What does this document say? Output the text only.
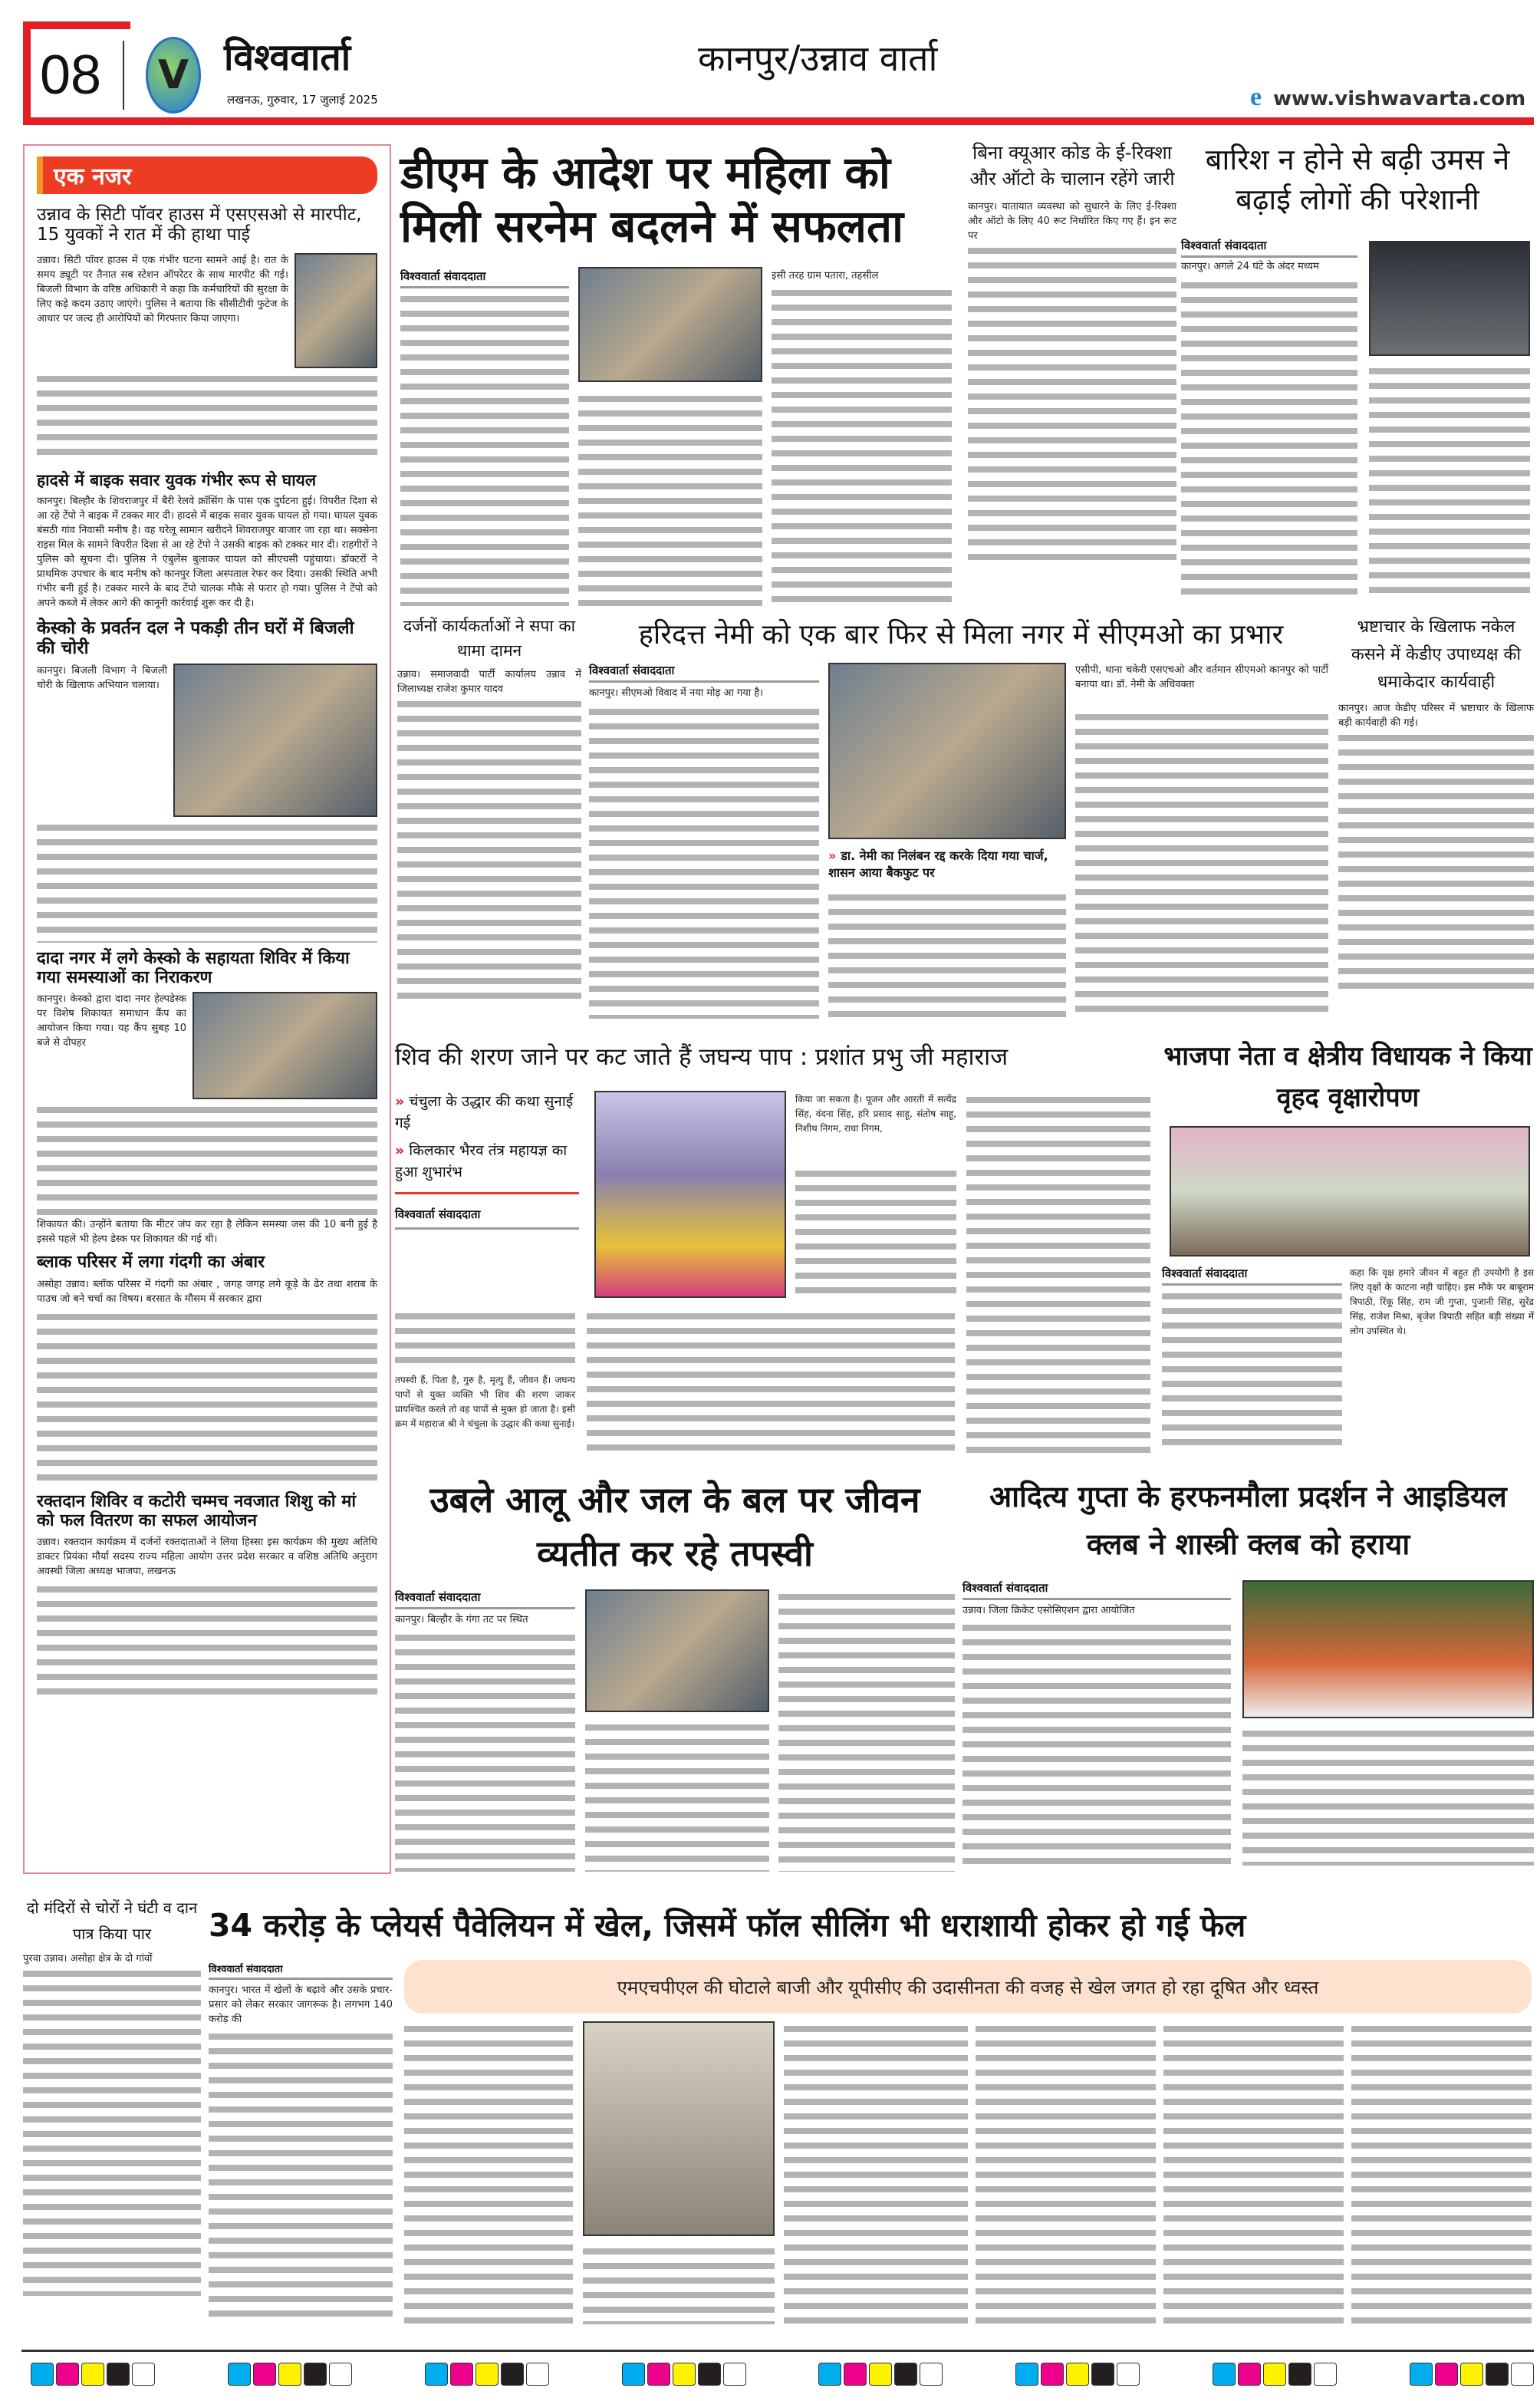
08	V विश्ववार्ता
लखनऊ, गुरुवार, 17 जुलाई 2025
कानपुर/उन्नाव वार्ता
e www.vishwavarta.com
एक नजर
उन्नाव के सिटी पॉवर हाउस में एसएसओ से मारपीट, 15 युवकों ने रात में की हाथा पाई
उन्नाव। सिटी पॉवर हाउस में एक गंभीर घटना सामने आई है। रात के समय ड्यूटी पर तैनात सब स्टेशन ऑपरेटर के साथ मारपीट की गई। बिजली विभाग के वरिष्ठ अधिकारी ने कहा कि कर्मचारियों की सुरक्षा के लिए कड़े कदम उठाए जाएंगे। पुलिस ने बताया कि सीसीटीवी फुटेज के आधार पर जल्द ही आरोपियों को गिरफ्तार किया जाएगा।
हादसे में बाइक सवार युवक गंभीर रूप से घायल
कानपुर। बिल्हौर के शिवराजपुर में बैरी रेलवे क्रॉसिंग के पास एक दुर्घटना हुई। विपरीत दिशा से आ रहे टेंपो ने बाइक में टक्कर मार दी। हादसे में बाइक सवार युवक घायल हो गया। घायल युवक बंसठी गांव निवासी मनीष है। वह घरेलू सामान खरीदने शिवराजपुर बाजार जा रहा था। सक्सेना राइस मिल के सामने विपरीत दिशा से आ रहे टेंपो ने उसकी बाइक को टक्कर मार दी। राहगीरों ने पुलिस को सूचना दी। पुलिस ने एंबुलेंस बुलाकर घायल को सीएचसी पहुंचाया। डॉक्टरों ने प्राथमिक उपचार के बाद मनीष को कानपुर जिला अस्पताल रेफर कर दिया। उसकी स्थिति अभी गंभीर बनी हुई है। टक्कर मारने के बाद टेंपो चालक मौके से फरार हो गया। पुलिस ने टेंपो को अपने कब्जे में लेकर आगे की कानूनी कार्रवाई शुरू कर दी है।
केस्को के प्रवर्तन दल ने पकड़ी तीन घरों में बिजली की चोरी
कानपुर। बिजली विभाग ने बिजली चोरी के खिलाफ अभियान चलाया।
दादा नगर में लगे केस्को के सहायता शिविर में किया गया समस्याओं का निराकरण
कानपुर। केस्को द्वारा दादा नगर हेल्पडेस्क पर विशेष शिकायत समाधान कैंप का आयोजन किया गया। यह कैंप सुबह 10 बजे से दोपहर
शिकायत की। उन्होंने बताया कि मीटर जंप कर रहा है लेकिन समस्या जस की 10 बनी हुई है इससे पहले भी हेल्प डेस्क पर शिकायत की गई थी।
ब्लाक परिसर में लगा गंदगी का अंबार
असोहा उन्नाव। ब्लॉक परिसर में गंदगी का अंबार , जगह जगह लगे कूड़े के ढेर तथा शराब के पाउच जो बने चर्चा का विषय। बरसात के मौसम में सरकार द्वारा
रक्तदान शिविर व कटोरी चम्मच नवजात शिशु को मां को फल वितरण का सफल आयोजन
उन्नाव। रक्तदान कार्यक्रम में दर्जनों रक्तदाताओं ने लिया हिस्सा इस कार्यक्रम की मुख्य अतिथि डाक्टर प्रियंका मौर्या सदस्य राज्य महिला आयोग उत्तर प्रदेश सरकार व वशिष्ठ अतिथि अनुराग अवस्थी जिला अध्यक्ष भाजपा, लखनऊ
डीएम के आदेश पर महिला को मिली सरनेम बदलने में सफलता
विश्ववार्ता संवाददाता	इसी तरह ग्राम पतारा, तहसील
बिना क्यूआर कोड के ई-रिक्शा और ऑटो के चालान रहेंगे जारी
कानपुर। यातायात व्यवस्था को सुधारने के लिए ई-रिक्शा और ऑटो के लिए 40 रूट निर्धारित किए गए हैं। इन रूट पर
बारिश न होने से बढ़ी उमस ने बढ़ाई लोगों की परेशानी
विश्ववार्ता संवाददाता
कानपुर। अगले 24 घंटे के अंदर मध्यम
दर्जनों कार्यकर्ताओं ने सपा का थामा दामन
उन्नाव। समाजवादी पार्टी कार्यालय उन्नाव में जिलाध्यक्ष राजेश कुमार यादव
हरिदत्त नेमी को एक बार फिर से मिला नगर में सीएमओ का प्रभार
विश्ववार्ता संवाददाता
कानपुर। सीएमओ विवाद में नया मोड़ आ गया है।
» डा. नेमी का निलंबन रद्द करके दिया गया चार्ज, शासन आया बैकफुट पर
एसीपी, थाना चकेरी एसएचओ और वर्तमान सीएमओ कानपुर को पार्टी बनाया था। डॉ. नेमी के अधिवक्ता
भ्रष्टाचार के खिलाफ नकेल कसने में केडीए उपाध्यक्ष की धमाकेदार कार्यवाही
कानपुर। आज केडीए परिसर में भ्रष्टाचार के खिलाफ बड़ी कार्यवाही की गई।
शिव की शरण जाने पर कट जाते हैं जघन्य पाप : प्रशांत प्रभु जी महाराज
» चंचुला के उद्धार की कथा सुनाई गई
» किलकार भैरव तंत्र महायज्ञ का हुआ शुभारंभ
विश्ववार्ता संवाददाता
किया जा सकता है। पूजन और आरती में सत्येंद्र सिंह, वंदना सिंह, हरि प्रसाद साहू, संतोष साहू, निशीथ निगम, राधा निगम,
तपस्वी हैं, पिता है, गुरु है, मृत्यु हैं, जीवन हैं। जघन्य पापों से युक्त व्यक्ति भी शिव की शरण जाकर प्रायश्चित करले तो वह पापों से मुक्त हो जाता है। इसी क्रम में महाराज श्री ने चंचुला के उद्धार की कथा सुनाई।
भाजपा नेता व क्षेत्रीय विधायक ने किया वृहद वृक्षारोपण
विश्ववार्ता संवाददाता	कहा कि वृक्ष हमारे जीवन में बहुत ही उपयोगी है इस लिए वृक्षों के काटना नही चाहिए। इस मौके पर बाबूराम त्रिपाठी, रिंकू सिंह, राम जी गुप्ता, पुजानी सिंह, सुरेंद्र सिंह, राजेश मिश्रा, बृजेश त्रिपाठी सहित बड़ी संख्या में लोग उपस्थित थे।
उबले आलू और जल के बल पर जीवन व्यतीत कर रहे तपस्वी
विश्ववार्ता संवाददाता
कानपुर। बिल्हौर के गंगा तट पर स्थित
आदित्य गुप्ता के हरफनमौला प्रदर्शन ने आइडियल क्लब ने शास्त्री क्लब को हराया
विश्ववार्ता संवाददाता
उन्नाव। जिला क्रिकेट एसोसिएशन द्वारा आयोजित
दो मंदिरों से चोरों ने घंटी व दान पात्र किया पार
पुरवा उन्नाव। असोहा क्षेत्र के दो गांवों
34 करोड़ के प्लेयर्स पैवेलियन में खेल, जिसमें फॉल सीलिंग भी धराशायी होकर हो गई फेल
विश्ववार्ता संवाददाता
एमएचपीएल की घोटाले बाजी और यूपीसीए की उदासीनता की वजह से खेल जगत हो रहा दूषित और ध्वस्त
कानपुर। भारत में खेलों के बढ़ावे और उसके प्रचार-प्रसार को लेकर सरकार जागरूक है। लगभग 140 करोड़ की
